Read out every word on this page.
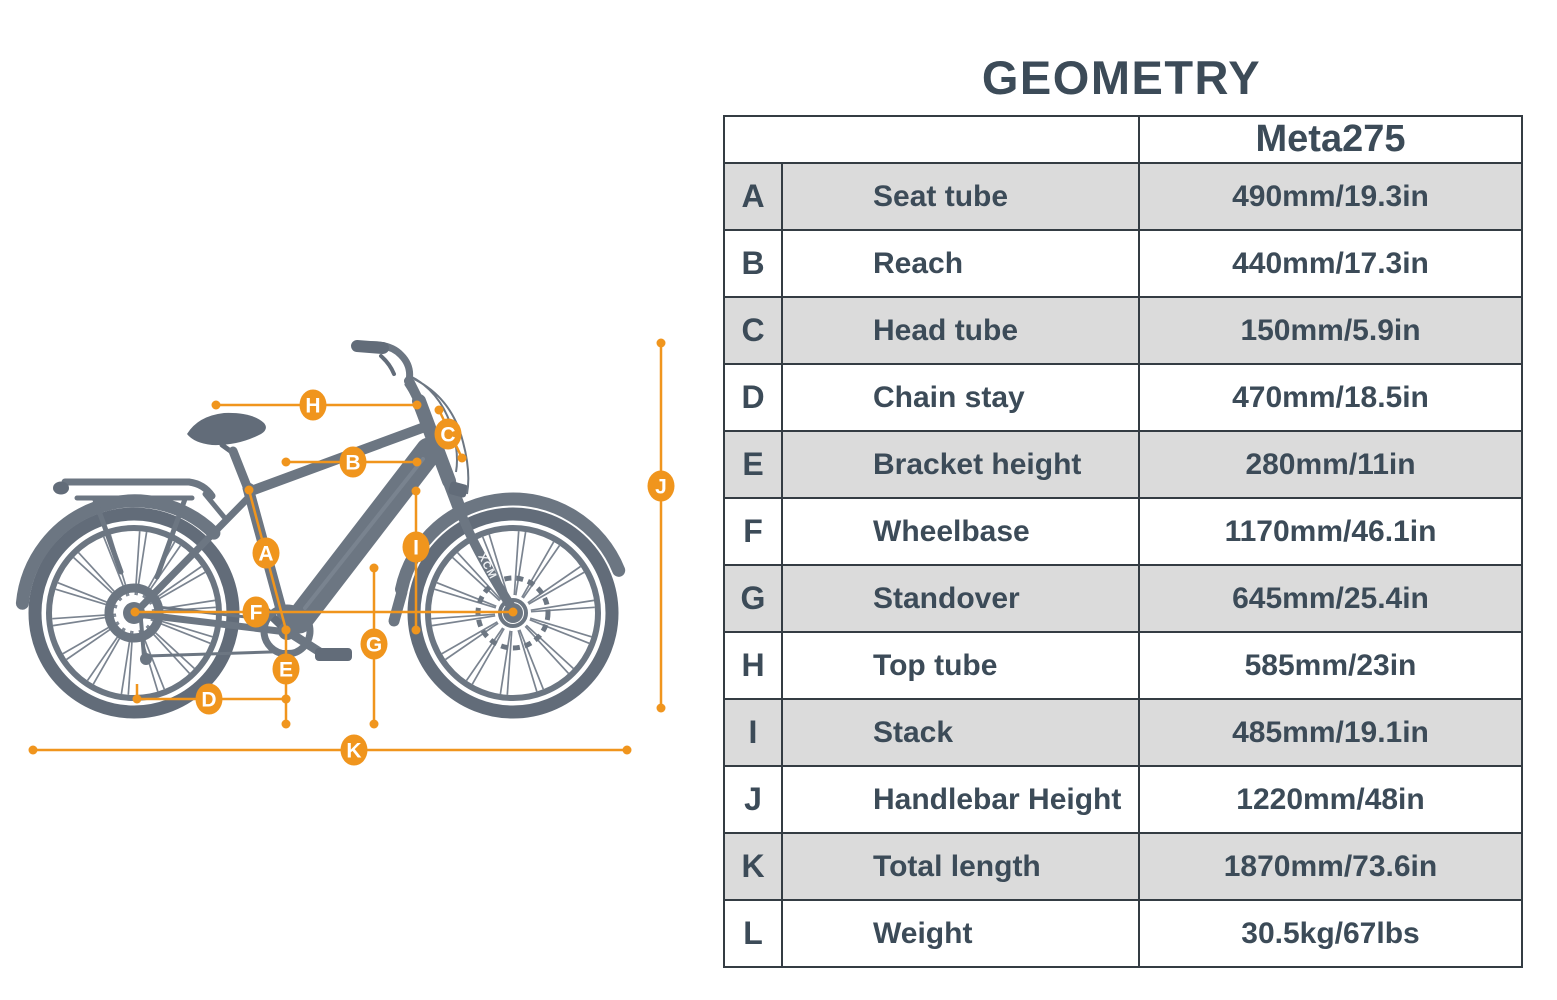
XCM
A
B
C
D
E
F
G
H
I
J
K
GEOMETRY
		Meta275
A	Seat tube	490mm/19.3in
B	Reach	440mm/17.3in
C	Head tube	150mm/5.9in
D	Chain stay	470mm/18.5in
E	Bracket height	280mm/11in
F	Wheelbase	1170mm/46.1in
G	Standover	645mm/25.4in
H	Top tube	585mm/23in
I	Stack	485mm/19.1in
J	Handlebar Height	1220mm/48in
K	Total length	1870mm/73.6in
L	Weight	30.5kg/67lbs
